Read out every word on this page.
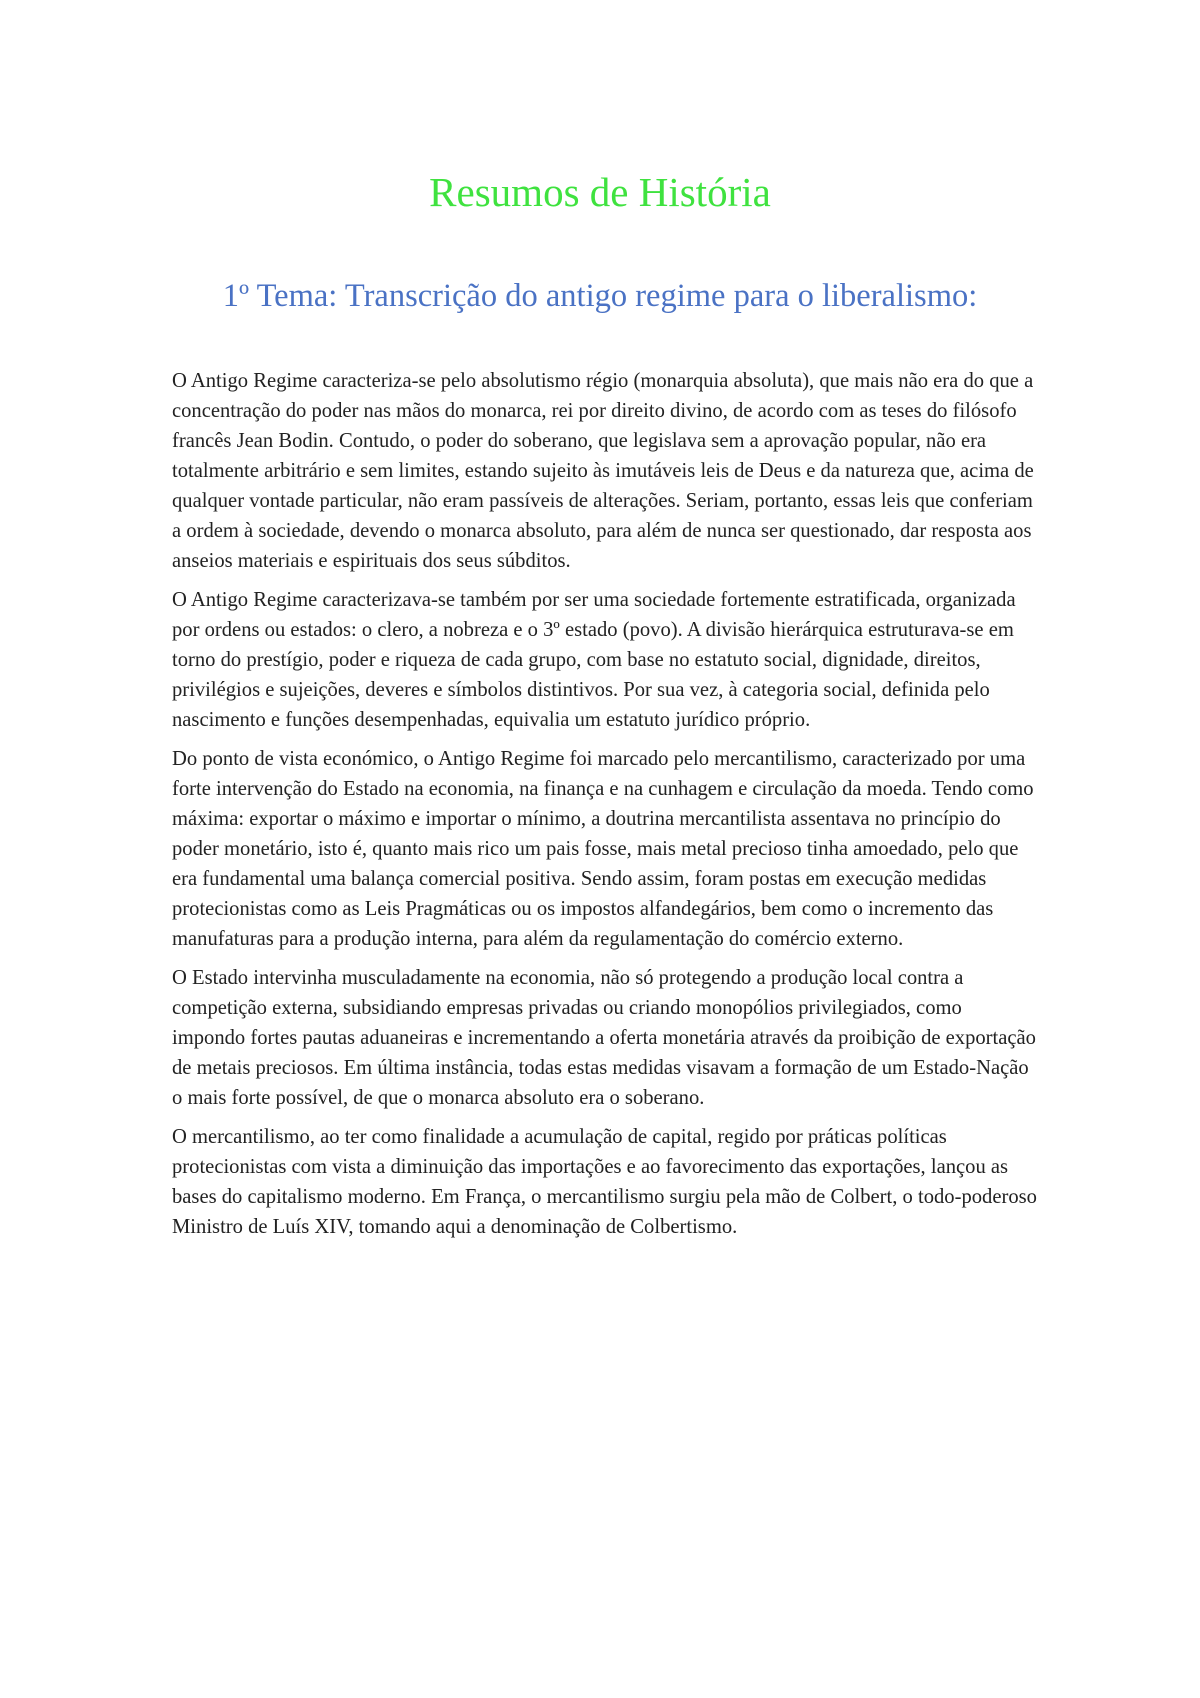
Resumos de História
1º Tema: Transcrição do antigo regime para o liberalismo:

O Antigo Regime caracteriza-se pelo absolutismo régio (monarquia absoluta), que mais não era do que a concentração do poder nas mãos do monarca, rei por direito divino, de acordo com as teses do filósofo francês Jean Bodin. Contudo, o poder do soberano, que legislava sem a aprovação popular, não era totalmente arbitrário e sem limites, estando sujeito às imutáveis leis de Deus e da natureza que, acima de qualquer vontade particular, não eram passíveis de alterações. Seriam, portanto, essas leis que conferiam a ordem à sociedade, devendo o monarca absoluto, para além de nunca ser questionado, dar resposta aos anseios materiais e espirituais dos seus súbditos.

O Antigo Regime caracterizava-se também por ser uma sociedade fortemente estratificada, organizada por ordens ou estados: o clero, a nobreza e o 3º estado (povo). A divisão hierárquica estruturava-se em torno do prestígio, poder e riqueza de cada grupo, com base no estatuto social, dignidade, direitos, privilégios e sujeições, deveres e símbolos distintivos. Por sua vez, à categoria social, definida pelo nascimento e funções desempenhadas, equivalia um estatuto jurídico próprio.

Do ponto de vista económico, o Antigo Regime foi marcado pelo mercantilismo, caracterizado por uma forte intervenção do Estado na economia, na finança e na cunhagem e circulação da moeda. Tendo como máxima: exportar o máximo e importar o mínimo, a doutrina mercantilista assentava no princípio do poder monetário, isto é, quanto mais rico um pais fosse, mais metal precioso tinha amoedado, pelo que era fundamental uma balança comercial positiva. Sendo assim, foram postas em execução medidas protecionistas como as Leis Pragmáticas ou os impostos alfandegários, bem como o incremento das manufaturas para a produção interna, para além da regulamentação do comércio externo.

O Estado intervinha musculadamente na economia, não só protegendo a produção local contra a competição externa, subsidiando empresas privadas ou criando monopólios privilegiados, como impondo fortes pautas aduaneiras e incrementando a oferta monetária através da proibição de exportação de metais preciosos. Em última instância, todas estas medidas visavam a formação de um Estado-Nação o mais forte possível, de que o monarca absoluto era o soberano.

O mercantilismo, ao ter como finalidade a acumulação de capital, regido por práticas políticas protecionistas com vista a diminuição das importações e ao favorecimento das exportações, lançou as bases do capitalismo moderno. Em França, o mercantilismo surgiu pela mão de Colbert, o todo-poderoso Ministro de Luís XIV, tomando aqui a denominação de Colbertismo.
